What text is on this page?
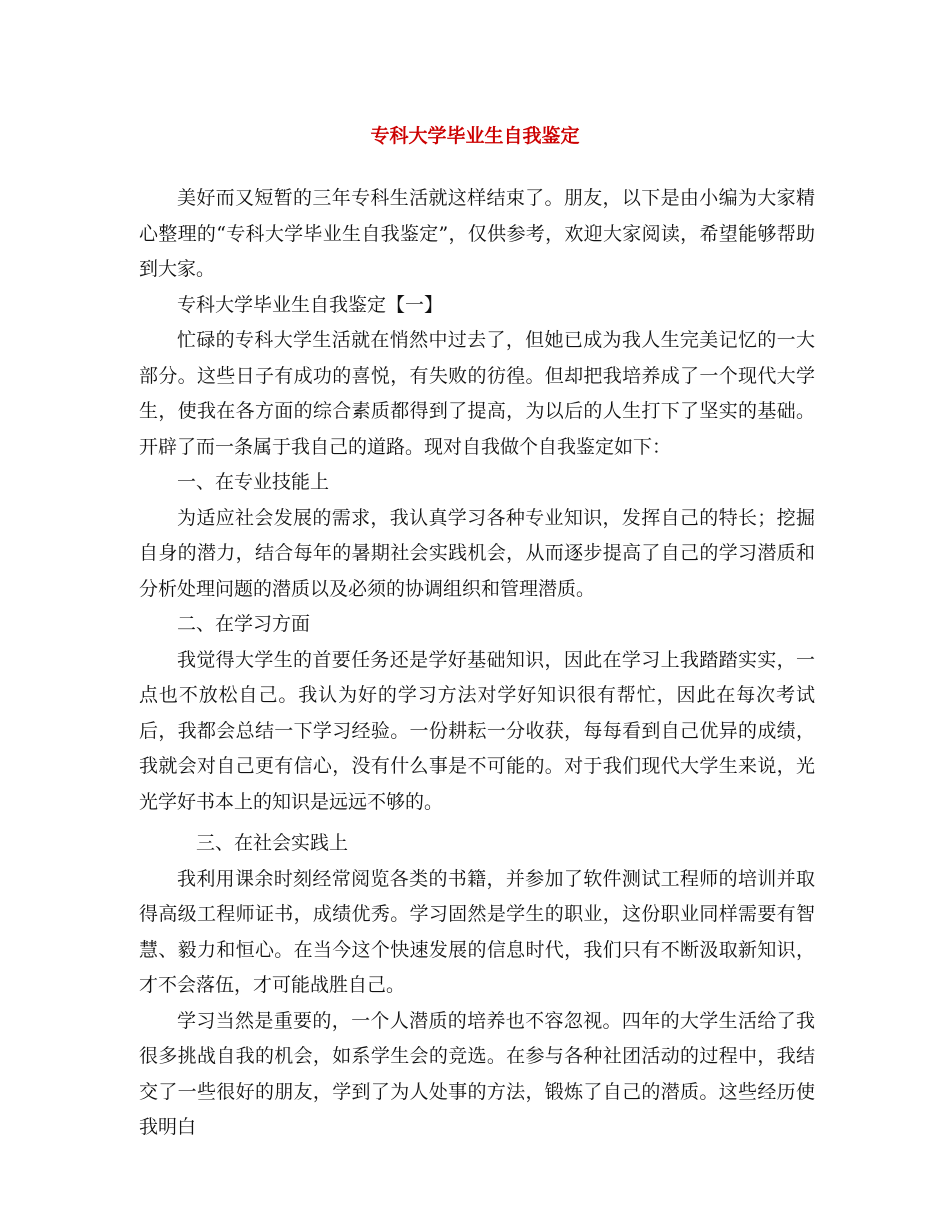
专科大学毕业生自我鉴定

美好而又短暂的三年专科生活就这样结束了。朋友，以下是由小编为大家精心整理的“专科大学毕业生自我鉴定”，仅供参考，欢迎大家阅读，希望能够帮助到大家。

专科大学毕业生自我鉴定【一】

忙碌的专科大学生活就在悄然中过去了，但她已成为我人生完美记忆的一大部分。这些日子有成功的喜悦，有失败的彷徨。但却把我培养成了一个现代大学生，使我在各方面的综合素质都得到了提高，为以后的人生打下了坚实的基础。开辟了而一条属于我自己的道路。现对自我做个自我鉴定如下：

一、在专业技能上

为适应社会发展的需求，我认真学习各种专业知识，发挥自己的特长；挖掘自身的潜力，结合每年的暑期社会实践机会，从而逐步提高了自己的学习潜质和分析处理问题的潜质以及必须的协调组织和管理潜质。

二、在学习方面

我觉得大学生的首要任务还是学好基础知识，因此在学习上我踏踏实实，一点也不放松自己。我认为好的学习方法对学好知识很有帮忙，因此在每次考试后，我都会总结一下学习经验。一份耕耘一分收获，每每看到自己优异的成绩，我就会对自己更有信心，没有什么事是不可能的。对于我们现代大学生来说，光光学好书本上的知识是远远不够的。

三、在社会实践上

我利用课余时刻经常阅览各类的书籍，并参加了软件测试工程师的培训并取得高级工程师证书，成绩优秀。学习固然是学生的职业，这份职业同样需要有智慧、毅力和恒心。在当今这个快速发展的信息时代，我们只有不断汲取新知识，才不会落伍，才可能战胜自己。

学习当然是重要的，一个人潜质的培养也不容忽视。四年的大学生活给了我很多挑战自我的机会，如系学生会的竞选。在参与各种社团活动的过程中，我结交了一些很好的朋友，学到了为人处事的方法，锻炼了自己的潜质。这些经历使我明白
